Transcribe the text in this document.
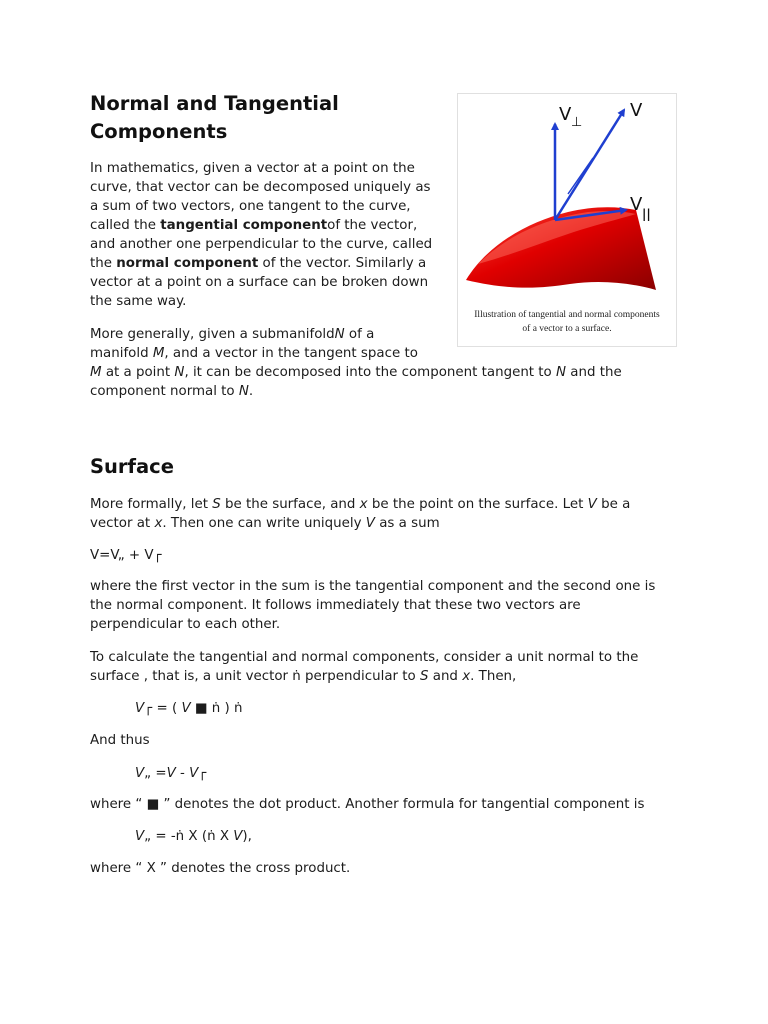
Normal and Tangential
Components
In mathematics, given a vector at a point on the
curve, that vector can be decomposed uniquely as
a sum of two vectors, one tangent to the curve,
called the tangential componentof the vector,
and another one perpendicular to the curve, called
the normal component of the vector. Similarly a
vector at a point on a surface can be broken down
the same way.
More generally, given a submanifoldN of a
manifold M, and a vector in the tangent space to
M at a point N, it can be decomposed into the component tangent to N and the
component normal to N.
Surface
More formally, let S be the surface, and x be the point on the surface. Let V be a
vector at x. Then one can write uniquely V as a sum
V=V„ + V┌
where the first vector in the sum is the tangential component and the second one is
the normal component. It follows immediately that these two vectors are
perpendicular to each other.
To calculate the tangential and normal components, consider a unit normal to the
surface , that is, a unit vector ṅ perpendicular to S and x. Then,
V┌ = ( V ■ ṅ ) ṅ
And thus
V„ =V - V┌
where “ ■ ” denotes the dot product. Another formula for tangential component is
V„ = -ṅ X (ṅ X V),
where “ X ” denotes the cross product.
V ⊥
V
V ||
Illustration of tangential and normal components
of a vector to a surface.
